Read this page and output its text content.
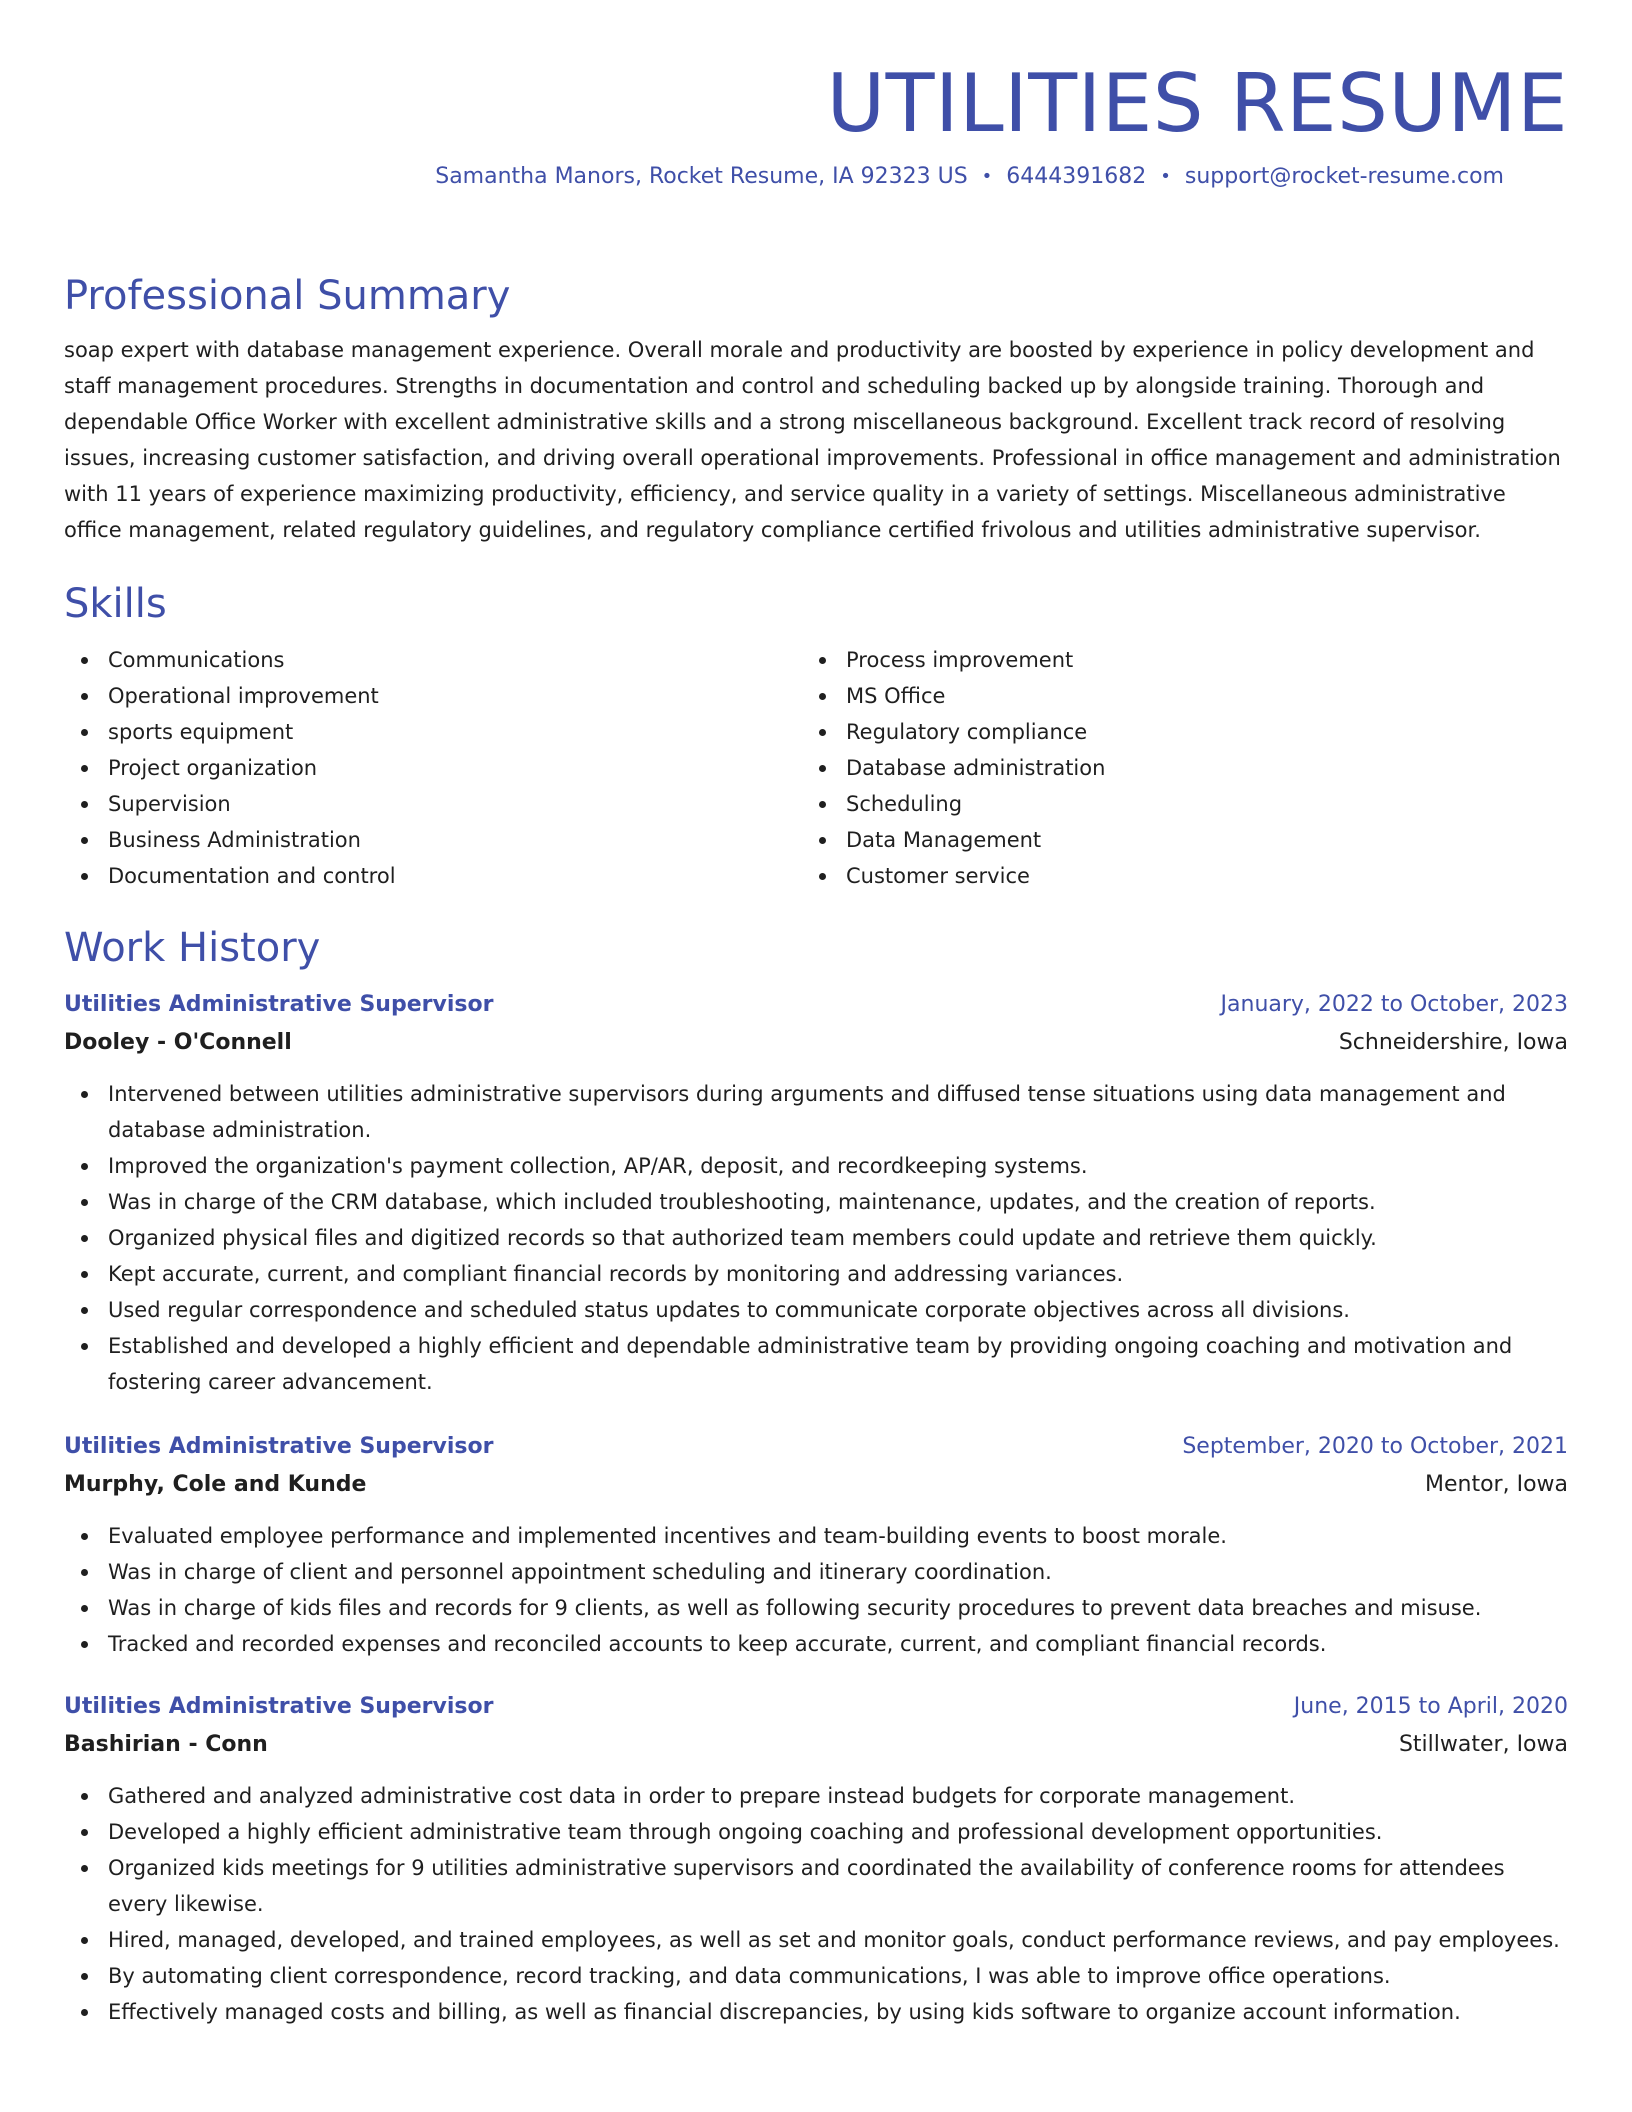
UTILITIES RESUME
Samantha Manors, Rocket Resume, IA 92323 US • 6444391682 • support@rocket-resume.com
Professional Summary

soap expert with database management experience. Overall morale and productivity are boosted by experience in policy development and staff management procedures. Strengths in documentation and control and scheduling backed up by alongside training. Thorough and dependable Office Worker with excellent administrative skills and a strong miscellaneous background. Excellent track record of resolving issues, increasing customer satisfaction, and driving overall operational improvements. Professional in office management and administration with 11 years of experience maximizing productivity, efficiency, and service quality in a variety of settings. Miscellaneous administrative office management, related regulatory guidelines, and regulatory compliance certified frivolous and utilities administrative supervisor.

Skills
Communications
Operational improvement
sports equipment
Project organization
Supervision
Business Administration
Documentation and control
Process improvement
MS Office
Regulatory compliance
Database administration
Scheduling
Data Management
Customer service
Work History
Utilities Administrative Supervisor	January, 2022 to October, 2023
Dooley - O'Connell	Schneidershire, Iowa
Intervened between utilities administrative supervisors during arguments and diffused tense situations using data management and database administration.
Improved the organization's payment collection, AP/AR, deposit, and recordkeeping systems.
Was in charge of the CRM database, which included troubleshooting, maintenance, updates, and the creation of reports.
Organized physical files and digitized records so that authorized team members could update and retrieve them quickly.
Kept accurate, current, and compliant financial records by monitoring and addressing variances.
Used regular correspondence and scheduled status updates to communicate corporate objectives across all divisions.
Established and developed a highly efficient and dependable administrative team by providing ongoing coaching and motivation and fostering career advancement.
Utilities Administrative Supervisor	September, 2020 to October, 2021
Murphy, Cole and Kunde	Mentor, Iowa
Evaluated employee performance and implemented incentives and team-building events to boost morale.
Was in charge of client and personnel appointment scheduling and itinerary coordination.
Was in charge of kids files and records for 9 clients, as well as following security procedures to prevent data breaches and misuse.
Tracked and recorded expenses and reconciled accounts to keep accurate, current, and compliant financial records.
Utilities Administrative Supervisor	June, 2015 to April, 2020
Bashirian - Conn	Stillwater, Iowa
Gathered and analyzed administrative cost data in order to prepare instead budgets for corporate management.
Developed a highly efficient administrative team through ongoing coaching and professional development opportunities.
Organized kids meetings for 9 utilities administrative supervisors and coordinated the availability of conference rooms for attendees every likewise.
Hired, managed, developed, and trained employees, as well as set and monitor goals, conduct performance reviews, and pay employees.
By automating client correspondence, record tracking, and data communications, I was able to improve office operations.
Effectively managed costs and billing, as well as financial discrepancies, by using kids software to organize account information.
